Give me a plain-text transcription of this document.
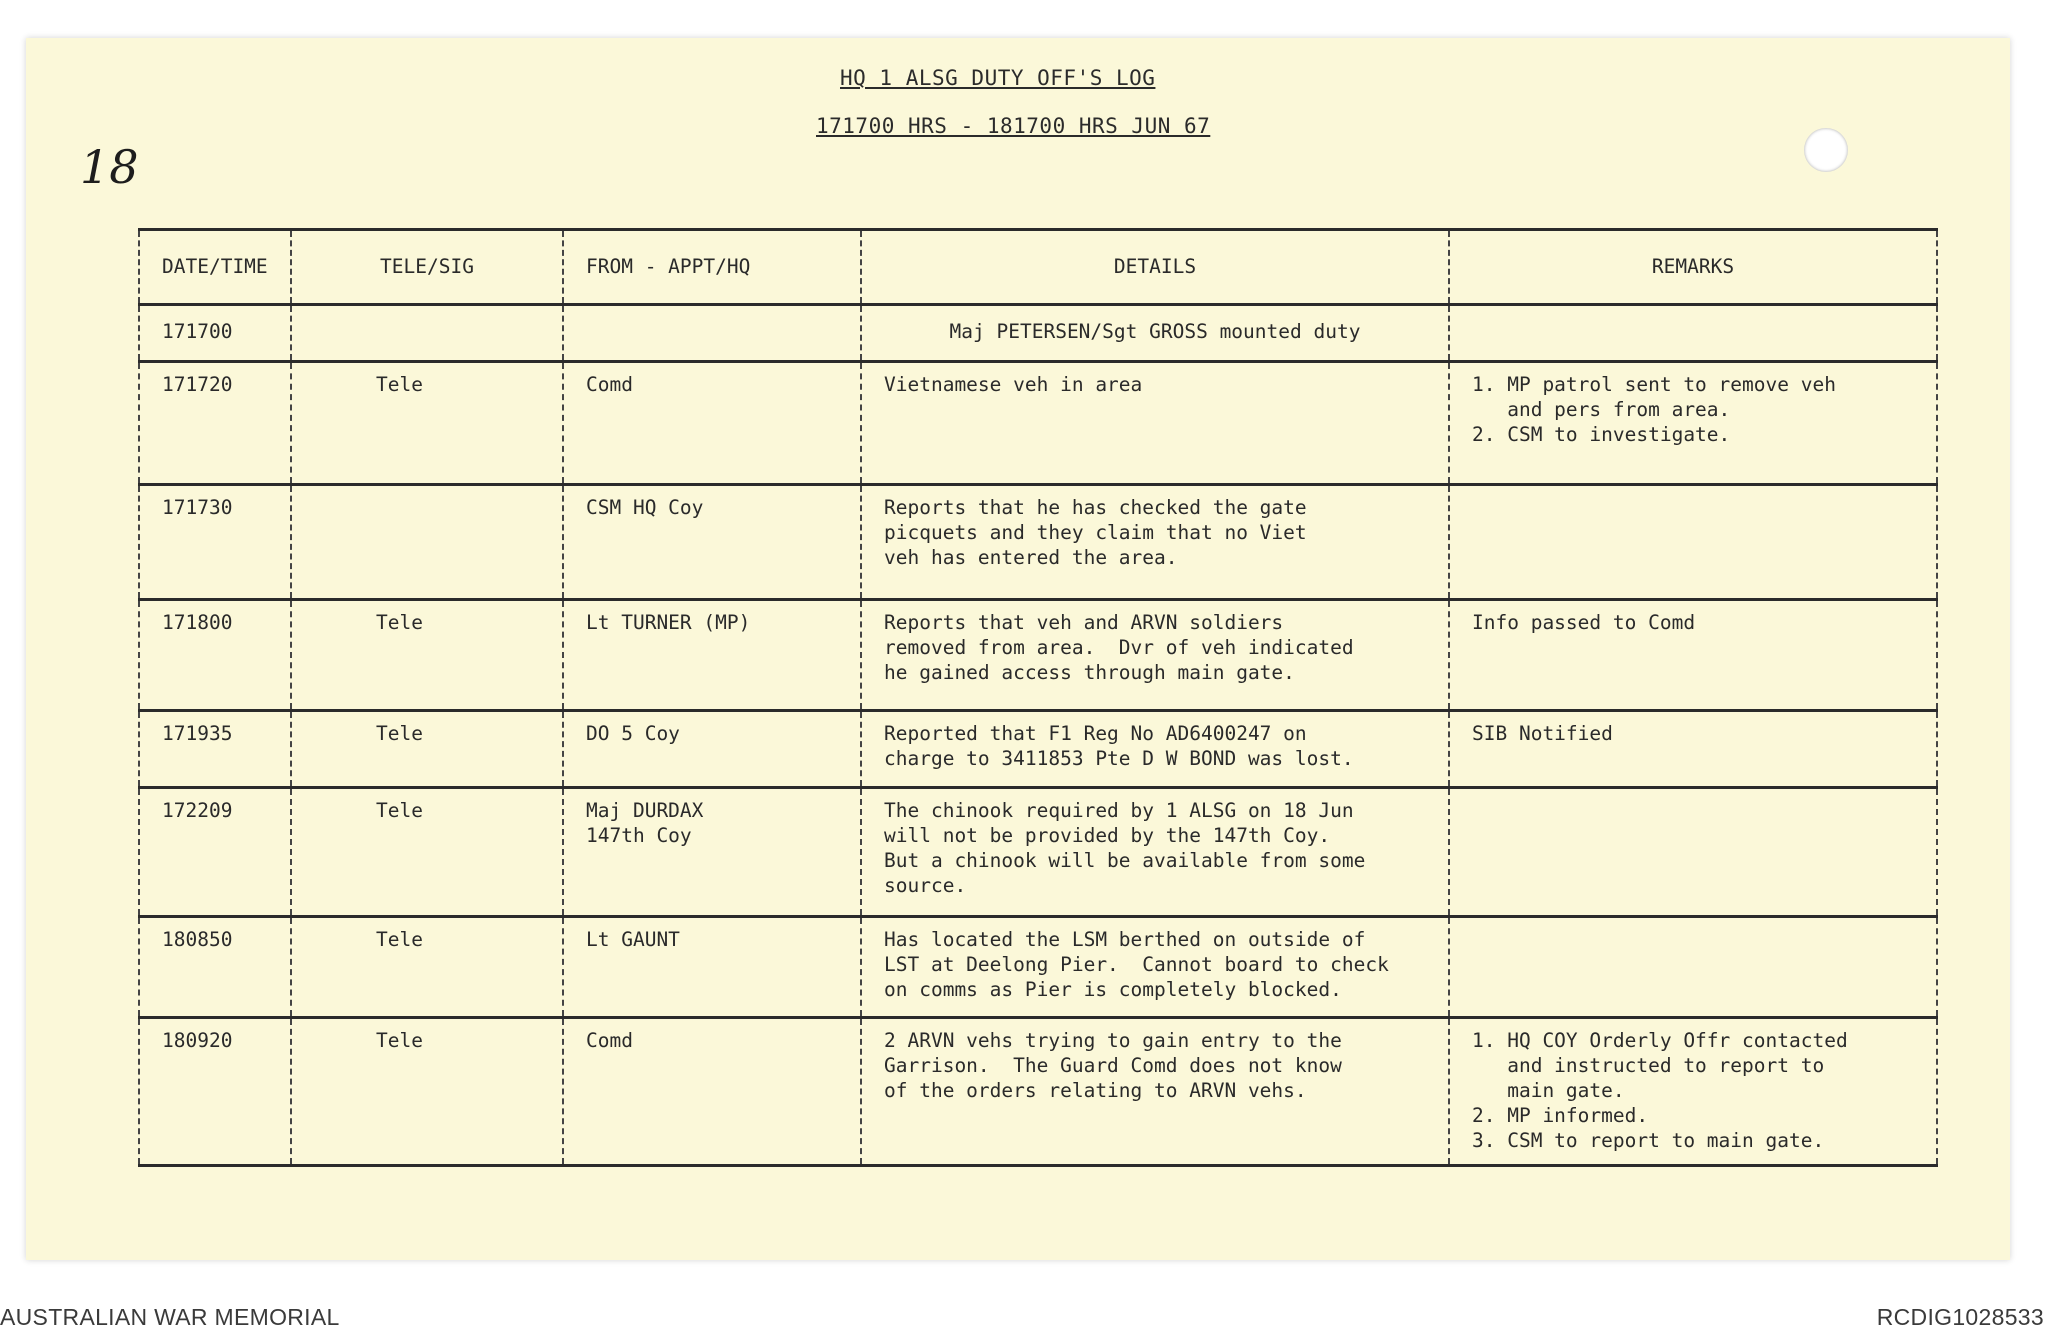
18
HQ 1 ALSG DUTY OFF'S LOG
171700 HRS - 181700 HRS JUN 67
DATE/TIME	TELE/SIG	FROM - APPT/HQ	DETAILS	REMARKS
171700			Maj PETERSEN/Sgt GROSS mounted duty	
171720	Tele	Comd	Vietnamese veh in area	1. MP patrol sent to remove veh
and pers from area.
2. CSM to investigate.

171730		CSM HQ Coy	Reports that he has checked the gate
picquets and they claim that no Viet
veh has entered the area.	

171800	Tele	Lt TURNER (MP)	Reports that veh and ARVN soldiers
removed from area.  Dvr of veh indicated
he gained access through main gate.	Info passed to Comd

171935	Tele	DO 5 Coy	Reported that F1 Reg No AD6400247 on
charge to 3411853 Pte D W BOND was lost.	SIB Notified

172209	Tele	Maj DURDAX
147th Coy	The chinook required by 1 ALSG on 18 Jun
will not be provided by the 147th Coy.
But a chinook will be available from some
source.	

180850	Tele	Lt GAUNT	Has located the LSM berthed on outside of
LST at Deelong Pier.  Cannot board to check
on comms as Pier is completely blocked.	

180920	Tele	Comd	2 ARVN vehs trying to gain entry to the
Garrison.  The Guard Comd does not know
of the orders relating to ARVN vehs.	1. HQ COY Orderly Offr contacted
and instructed to report to
main gate.
2. MP informed.
3. CSM to report to main gate.
AUSTRALIAN WAR MEMORIAL	RCDIG1028533
